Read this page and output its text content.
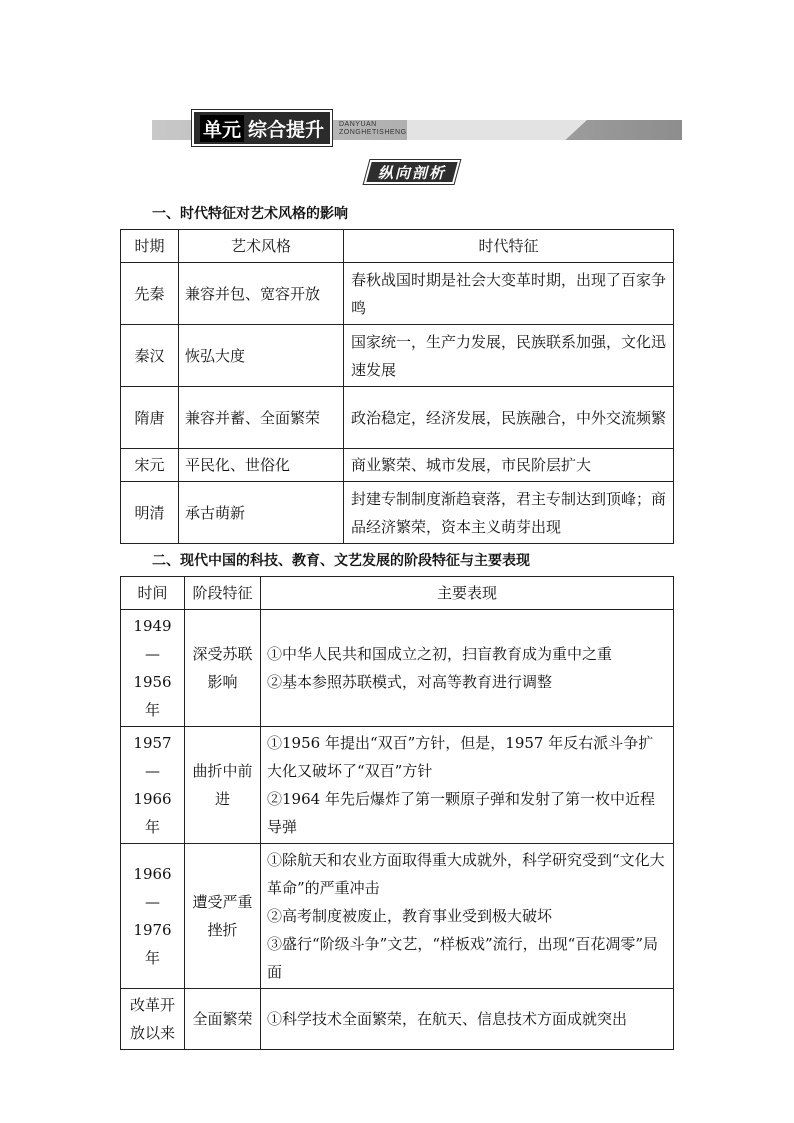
单元 综合提升 DANYUAN
ZONGHETISHENG
纵向剖析
一、时代特征对艺术风格的影响
时期	艺术风格	时代特征
先秦	兼容并包、宽容开放	春秋战国时期是社会大变革时期，出现了百家争鸣
秦汉	恢弘大度	国家统一，生产力发展，民族联系加强，文化迅速发展
隋唐	兼容并蓄、全面繁荣	政治稳定，经济发展，民族融合，中外交流频繁
宋元	平民化、世俗化	商业繁荣、城市发展，市民阶层扩大
明清	承古萌新	封建专制制度渐趋衰落，君主专制达到顶峰；商品经济繁荣，资本主义萌芽出现
二、现代中国的科技、教育、文艺发展的阶段特征与主要表现
时间	阶段特征	主要表现
1949—1956 年	深受苏联影响	①中华人民共和国成立之初，扫盲教育成为重中之重

②基本参照苏联模式，对高等教育进行调整

1957—1966 年	曲折中前进	①1956 年提出“双百”方针，但是，1957 年反右派斗争扩大化又破坏了“双百”方针

②1964 年先后爆炸了第一颗原子弹和发射了第一枚中近程导弹

1966—1976 年	遭受严重挫折	①除航天和农业方面取得重大成就外，科学研究受到“文化大革命”的严重冲击

②高考制度被废止，教育事业受到极大破坏

③盛行“阶级斗争”文艺，“样板戏”流行，出现“百花凋零”局面

改革开放以来	全面繁荣	①科学技术全面繁荣，在航天、信息技术方面成就突出
